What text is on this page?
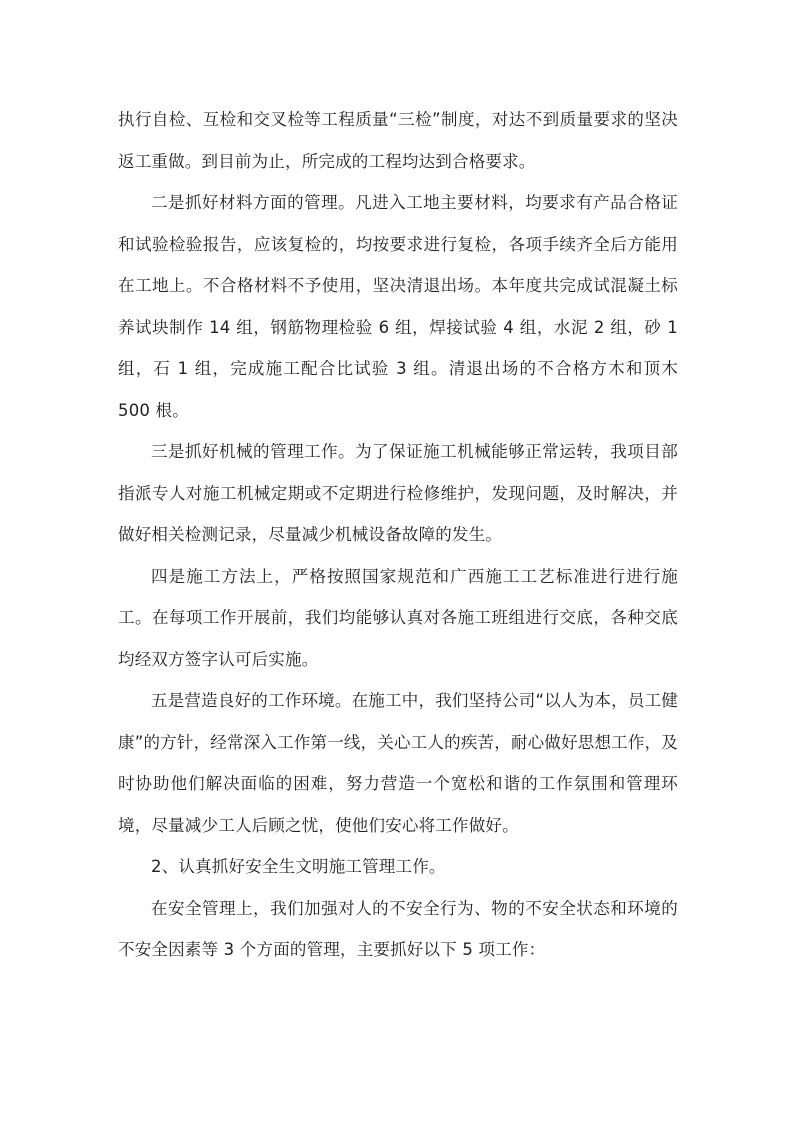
执行自检、互检和交叉检等工程质量“三检”制度，对达不到质量要求的坚决返工重做。到目前为止，所完成的工程均达到合格要求。

二是抓好材料方面的管理。凡进入工地主要材料，均要求有产品合格证和试验检验报告，应该复检的，均按要求进行复检，各项手续齐全后方能用在工地上。不合格材料不予使用，坚决清退出场。本年度共完成试混凝土标养试块制作 14 组，钢筋物理检验 6 组，焊接试验 4 组，水泥 2 组，砂 1 组，石 1 组，完成施工配合比试验 3 组。清退出场的不合格方木和顶木 500 根。

三是抓好机械的管理工作。为了保证施工机械能够正常运转，我项目部指派专人对施工机械定期或不定期进行检修维护，发现问题，及时解决，并做好相关检测记录，尽量减少机械设备故障的发生。

四是施工方法上，严格按照国家规范和广西施工工艺标准进行进行施工。在每项工作开展前，我们均能够认真对各施工班组进行交底，各种交底均经双方签字认可后实施。

五是营造良好的工作环境。在施工中，我们坚持公司“以人为本，员工健康”的方针，经常深入工作第一线，关心工人的疾苦，耐心做好思想工作，及时协助他们解决面临的困难，努力营造一个宽松和谐的工作氛围和管理环境，尽量减少工人后顾之忧，使他们安心将工作做好。

2、认真抓好安全生文明施工管理工作。

在安全管理上，我们加强对人的不安全行为、物的不安全状态和环境的不安全因素等 3 个方面的管理，主要抓好以下 5 项工作：
